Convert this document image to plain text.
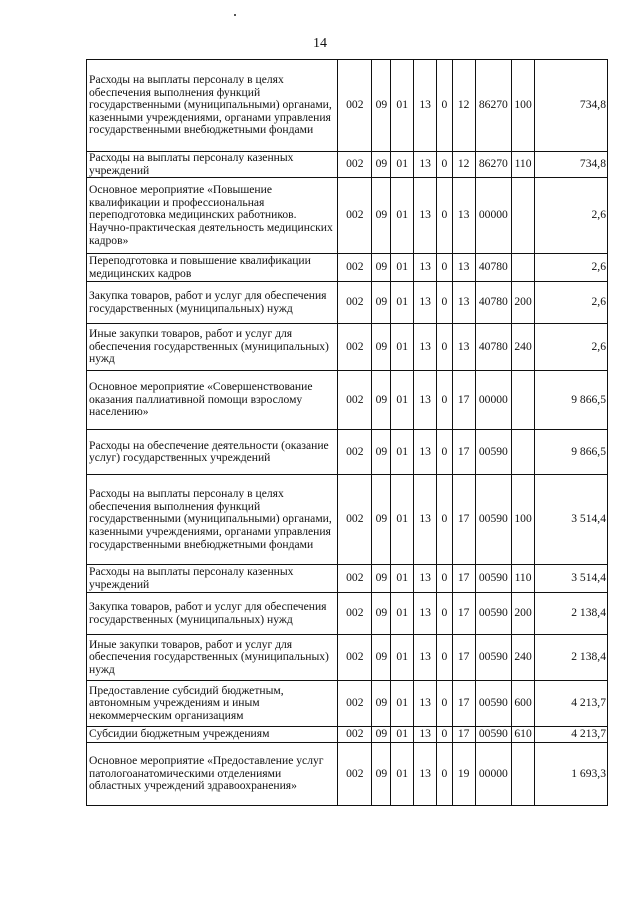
14
Расходы на выплаты персоналу в целях обеспечения выполнения функций государственными (муниципальными) органами, казенными учреждениями, органами управления государственными внебюджетными фондами	002	09	01	13	0	12	86270	100	734,8
Расходы на выплаты персоналу казенных учреждений	002	09	01	13	0	12	86270	110	734,8
Основное мероприятие «Повышение квалификации и профессиональная переподготовка медицинских работников. Научно-практическая деятельность медицинских кадров»	002	09	01	13	0	13	00000		2,6
Переподготовка и повышение квалификации медицинских кадров	002	09	01	13	0	13	40780		2,6
Закупка товаров, работ и услуг для обеспечения государственных (муниципальных) нужд	002	09	01	13	0	13	40780	200	2,6
Иные закупки товаров, работ и услуг для обеспечения государственных (муниципальных) нужд	002	09	01	13	0	13	40780	240	2,6
Основное мероприятие «Совершенствование оказания паллиативной помощи взрослому населению»	002	09	01	13	0	17	00000		9 866,5
Расходы на обеспечение деятельности (оказание услуг) государственных учреждений	002	09	01	13	0	17	00590		9 866,5
Расходы на выплаты персоналу в целях обеспечения выполнения функций государственными (муниципальными) органами, казенными учреждениями, органами управления государственными внебюджетными фондами	002	09	01	13	0	17	00590	100	3 514,4
Расходы на выплаты персоналу казенных учреждений	002	09	01	13	0	17	00590	110	3 514,4
Закупка товаров, работ и услуг для обеспечения государственных (муниципальных) нужд	002	09	01	13	0	17	00590	200	2 138,4
Иные закупки товаров, работ и услуг для обеспечения государственных (муниципальных) нужд	002	09	01	13	0	17	00590	240	2 138,4
Предоставление субсидий бюджетным, автономным учреждениям и иным некоммерческим организациям	002	09	01	13	0	17	00590	600	4 213,7
Субсидии бюджетным учреждениям	002	09	01	13	0	17	00590	610	4 213,7
Основное мероприятие «Предоставление услуг патологоанатомическими отделениями областных учреждений здравоохранения»	002	09	01	13	0	19	00000		1 693,3
